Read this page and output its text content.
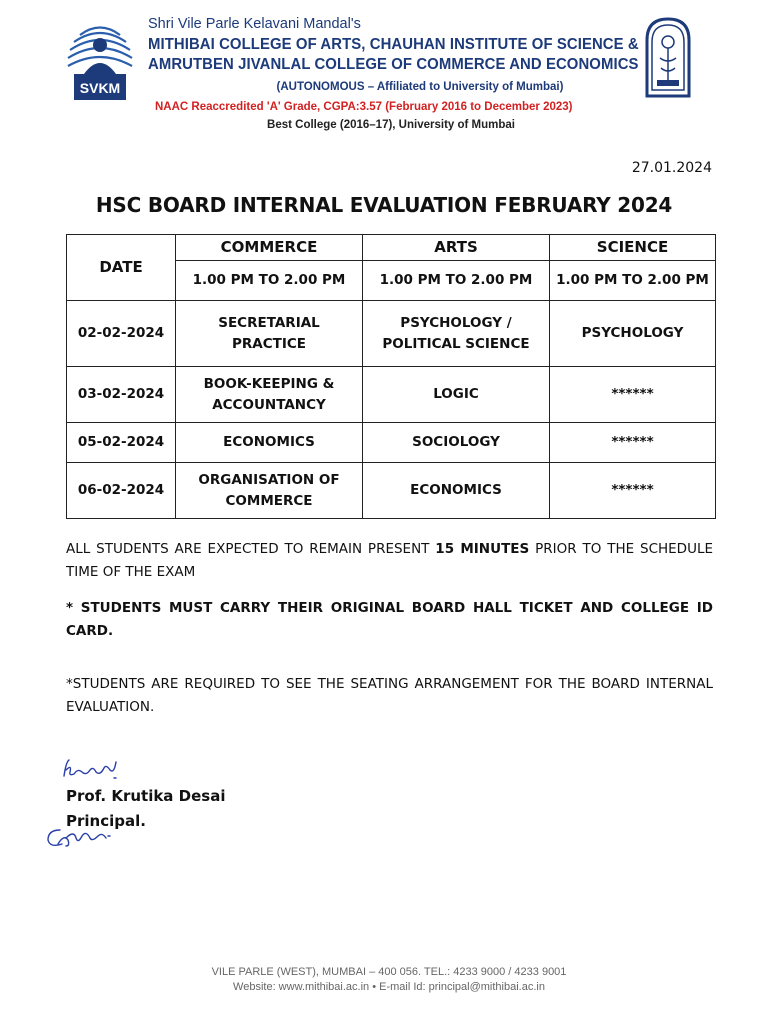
SVKM
Shri Vile Parle Kelavani Mandal's
MITHIBAI COLLEGE OF ARTS, CHAUHAN INSTITUTE OF SCIENCE &
AMRUTBEN JIVANLAL COLLEGE OF COMMERCE AND ECONOMICS
(AUTONOMOUS – Affiliated to University of Mumbai)
NAAC Reaccredited 'A' Grade, CGPA:3.57 (February 2016 to December 2023)
Best College (2016–17), University of Mumbai
27.01.2024
HSC BOARD INTERNAL EVALUATION FEBRUARY 2024
DATE	COMMERCE	ARTS	SCIENCE
	1.00 PM TO 2.00 PM	1.00 PM TO 2.00 PM	1.00 PM TO 2.00 PM
02-02-2024	SECRETARIAL PRACTICE	PSYCHOLOGY /
POLITICAL SCIENCE	PSYCHOLOGY

03-02-2024	BOOK-KEEPING &
ACCOUNTANCY	LOGIC	******

05-02-2024	ECONOMICS	SOCIOLOGY	******

06-02-2024	ORGANISATION OF
COMMERCE	ECONOMICS	******
ALL STUDENTS ARE EXPECTED TO REMAIN PRESENT 15 MINUTES PRIOR TO THE SCHEDULE TIME OF THE EXAM
* STUDENTS MUST CARRY THEIR ORIGINAL BOARD HALL TICKET AND COLLEGE ID CARD.
*STUDENTS ARE REQUIRED TO SEE THE SEATING ARRANGEMENT FOR THE BOARD INTERNAL EVALUATION.
Prof. Krutika Desai
Principal.
VILE PARLE (WEST), MUMBAI – 400 056. TEL.: 4233 9000 / 4233 9001
Website: www.mithibai.ac.in • E-mail Id: principal@mithibai.ac.in
